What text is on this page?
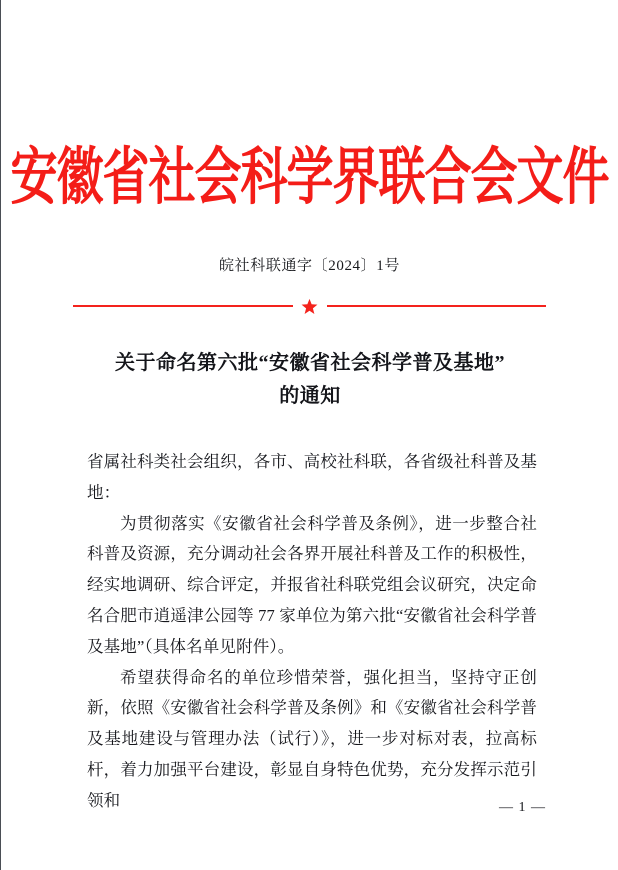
安徽省社会科学界联合会文件
皖社科联通字〔2024〕1号
关于命名第六批“安徽省社会科学普及基地”
的通知

省属社科类社会组织，各市、高校社科联，各省级社科普及基地：

为贯彻落实《安徽省社会科学普及条例》，进一步整合社科普及资源，充分调动社会各界开展社科普及工作的积极性，经实地调研、综合评定，并报省社科联党组会议研究，决定命名合肥市逍遥津公园等 77 家单位为第六批“安徽省社会科学普及基地”（具体名单见附件）。

希望获得命名的单位珍惜荣誉，强化担当，坚持守正创新，依照《安徽省社会科学普及条例》和《安徽省社会科学普及基地建设与管理办法（试行）》，进一步对标对表，拉高标杆，着力加强平台建设，彰显自身特色优势，充分发挥示范引领和	— 1 —
